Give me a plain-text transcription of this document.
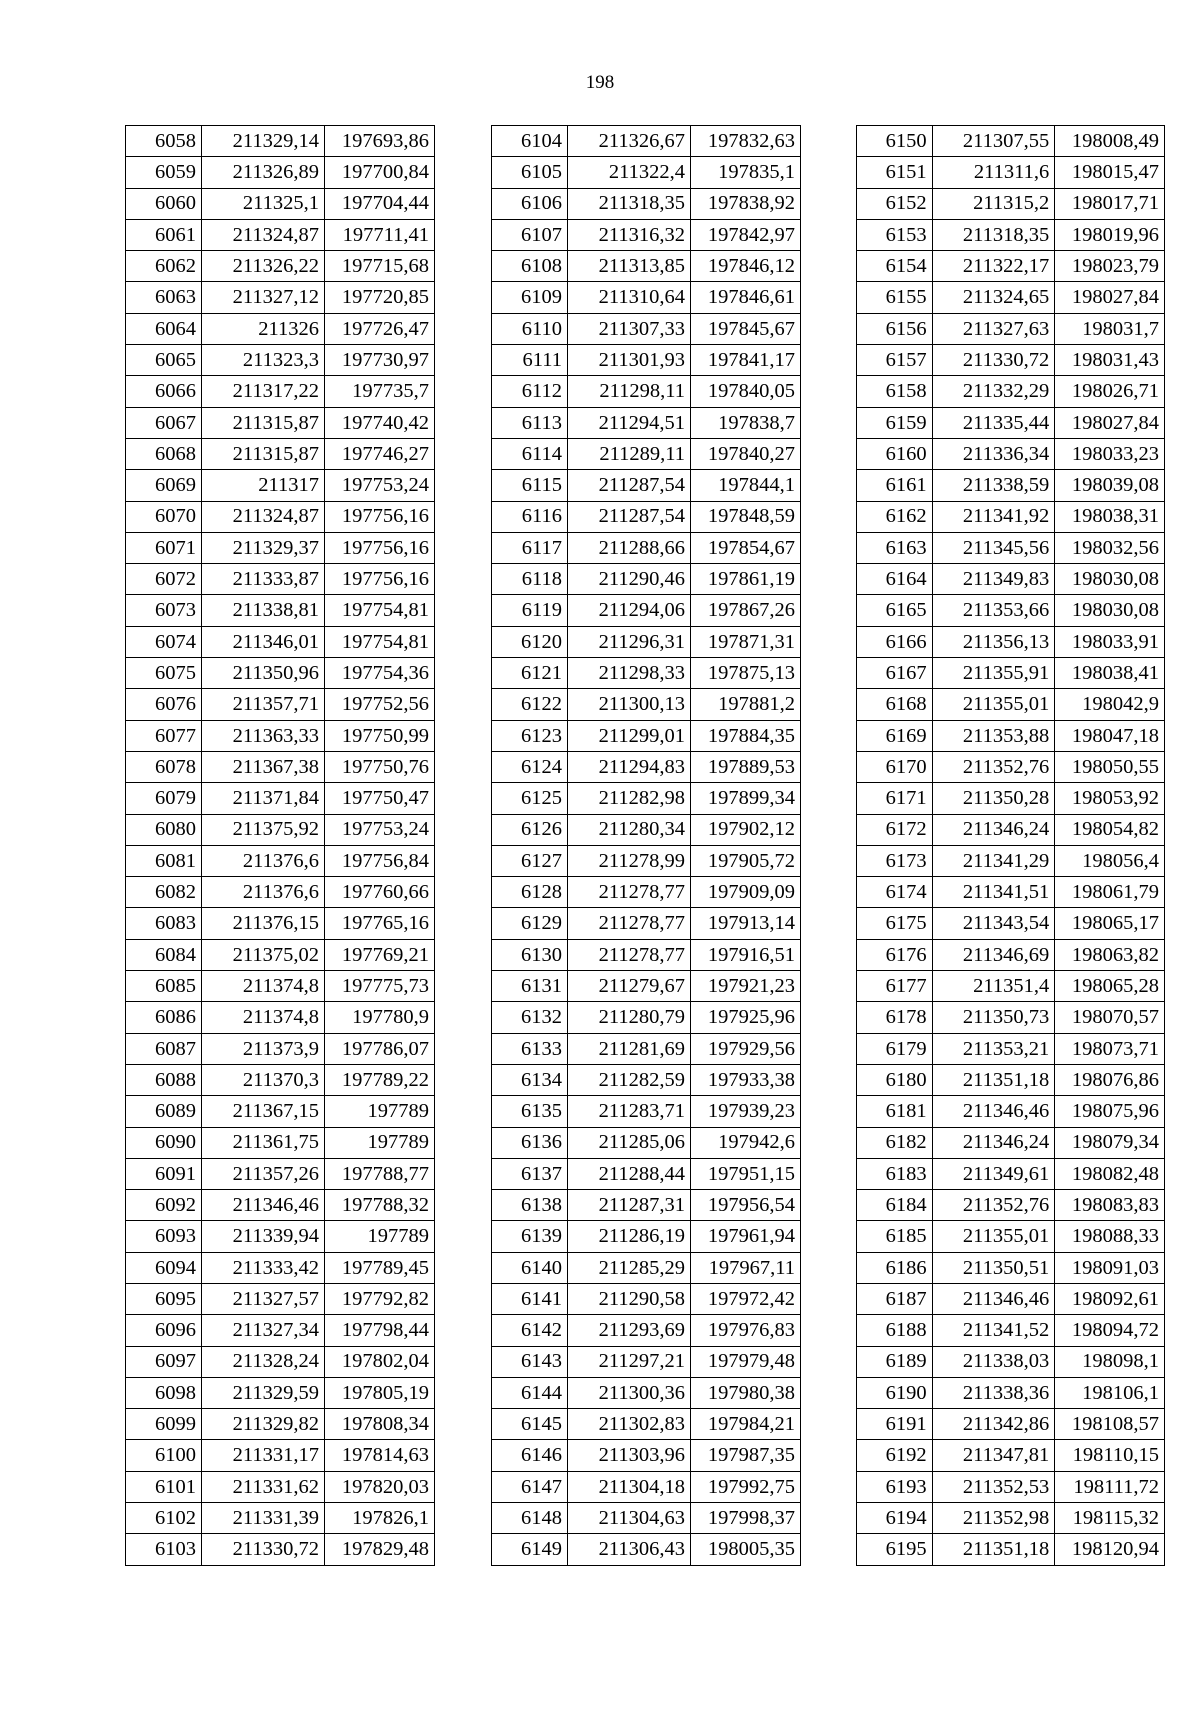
198
6058	211329,14	197693,86
6059	211326,89	197700,84
6060	211325,1	197704,44
6061	211324,87	197711,41
6062	211326,22	197715,68
6063	211327,12	197720,85
6064	211326	197726,47
6065	211323,3	197730,97
6066	211317,22	197735,7
6067	211315,87	197740,42
6068	211315,87	197746,27
6069	211317	197753,24
6070	211324,87	197756,16
6071	211329,37	197756,16
6072	211333,87	197756,16
6073	211338,81	197754,81
6074	211346,01	197754,81
6075	211350,96	197754,36
6076	211357,71	197752,56
6077	211363,33	197750,99
6078	211367,38	197750,76
6079	211371,84	197750,47
6080	211375,92	197753,24
6081	211376,6	197756,84
6082	211376,6	197760,66
6083	211376,15	197765,16
6084	211375,02	197769,21
6085	211374,8	197775,73
6086	211374,8	197780,9
6087	211373,9	197786,07
6088	211370,3	197789,22
6089	211367,15	197789
6090	211361,75	197789
6091	211357,26	197788,77
6092	211346,46	197788,32
6093	211339,94	197789
6094	211333,42	197789,45
6095	211327,57	197792,82
6096	211327,34	197798,44
6097	211328,24	197802,04
6098	211329,59	197805,19
6099	211329,82	197808,34
6100	211331,17	197814,63
6101	211331,62	197820,03
6102	211331,39	197826,1
6103	211330,72	197829,48
6104	211326,67	197832,63
6105	211322,4	197835,1
6106	211318,35	197838,92
6107	211316,32	197842,97
6108	211313,85	197846,12
6109	211310,64	197846,61
6110	211307,33	197845,67
6111	211301,93	197841,17
6112	211298,11	197840,05
6113	211294,51	197838,7
6114	211289,11	197840,27
6115	211287,54	197844,1
6116	211287,54	197848,59
6117	211288,66	197854,67
6118	211290,46	197861,19
6119	211294,06	197867,26
6120	211296,31	197871,31
6121	211298,33	197875,13
6122	211300,13	197881,2
6123	211299,01	197884,35
6124	211294,83	197889,53
6125	211282,98	197899,34
6126	211280,34	197902,12
6127	211278,99	197905,72
6128	211278,77	197909,09
6129	211278,77	197913,14
6130	211278,77	197916,51
6131	211279,67	197921,23
6132	211280,79	197925,96
6133	211281,69	197929,56
6134	211282,59	197933,38
6135	211283,71	197939,23
6136	211285,06	197942,6
6137	211288,44	197951,15
6138	211287,31	197956,54
6139	211286,19	197961,94
6140	211285,29	197967,11
6141	211290,58	197972,42
6142	211293,69	197976,83
6143	211297,21	197979,48
6144	211300,36	197980,38
6145	211302,83	197984,21
6146	211303,96	197987,35
6147	211304,18	197992,75
6148	211304,63	197998,37
6149	211306,43	198005,35
6150	211307,55	198008,49
6151	211311,6	198015,47
6152	211315,2	198017,71
6153	211318,35	198019,96
6154	211322,17	198023,79
6155	211324,65	198027,84
6156	211327,63	198031,7
6157	211330,72	198031,43
6158	211332,29	198026,71
6159	211335,44	198027,84
6160	211336,34	198033,23
6161	211338,59	198039,08
6162	211341,92	198038,31
6163	211345,56	198032,56
6164	211349,83	198030,08
6165	211353,66	198030,08
6166	211356,13	198033,91
6167	211355,91	198038,41
6168	211355,01	198042,9
6169	211353,88	198047,18
6170	211352,76	198050,55
6171	211350,28	198053,92
6172	211346,24	198054,82
6173	211341,29	198056,4
6174	211341,51	198061,79
6175	211343,54	198065,17
6176	211346,69	198063,82
6177	211351,4	198065,28
6178	211350,73	198070,57
6179	211353,21	198073,71
6180	211351,18	198076,86
6181	211346,46	198075,96
6182	211346,24	198079,34
6183	211349,61	198082,48
6184	211352,76	198083,83
6185	211355,01	198088,33
6186	211350,51	198091,03
6187	211346,46	198092,61
6188	211341,52	198094,72
6189	211338,03	198098,1
6190	211338,36	198106,1
6191	211342,86	198108,57
6192	211347,81	198110,15
6193	211352,53	198111,72
6194	211352,98	198115,32
6195	211351,18	198120,94
